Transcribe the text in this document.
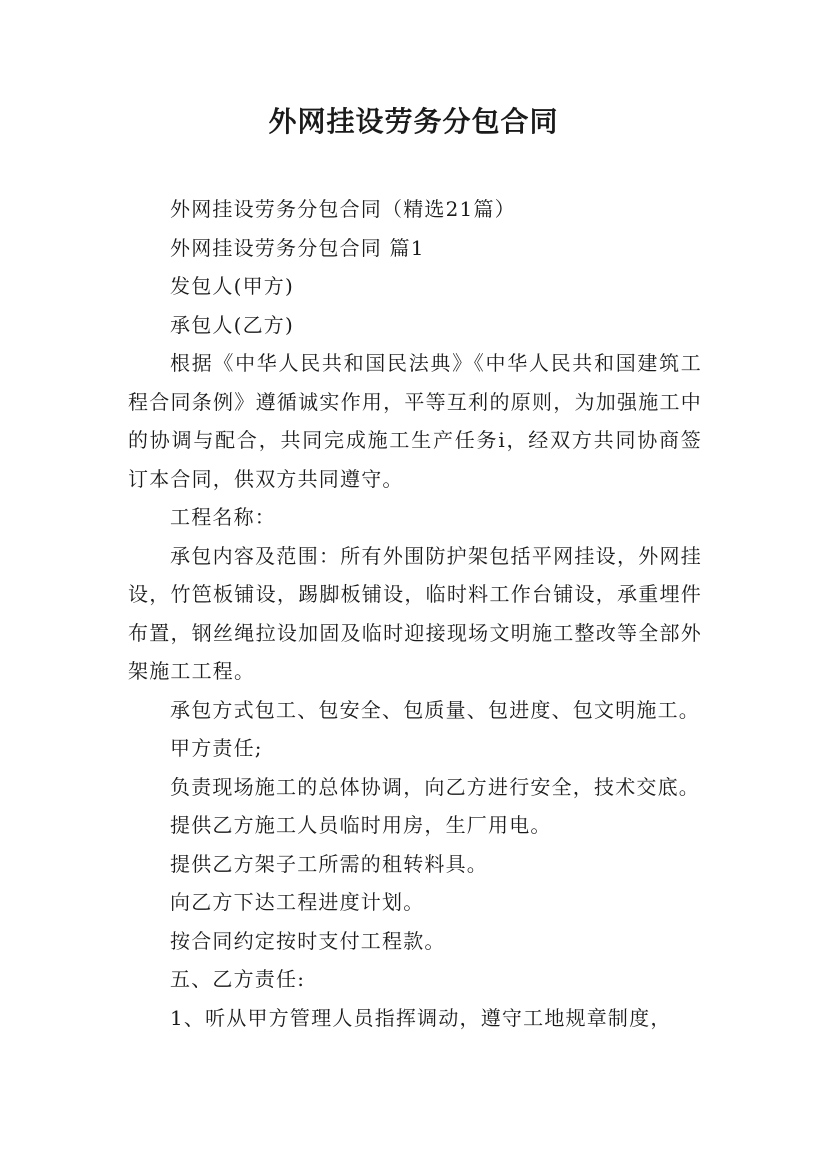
外网挂设劳务分包合同

外网挂设劳务分包合同（精选21篇）

外网挂设劳务分包合同 篇1

发包人(甲方)

承包人(乙方)

根据《中华人民共和国民法典》《中华人民共和国建筑工程合同条例》遵循诚实作用，平等互利的原则，为加强施工中的协调与配合，共同完成施工生产任务i，经双方共同协商签订本合同，供双方共同遵守。

工程名称：

承包内容及范围：所有外围防护架包括平网挂设，外网挂设，竹笆板铺设，踢脚板铺设，临时料工作台铺设，承重埋件布置，钢丝绳拉设加固及临时迎接现场文明施工整改等全部外架施工工程。

承包方式包工、包安全、包质量、包进度、包文明施工。

甲方责任;

负责现场施工的总体协调，向乙方进行安全，技术交底。

提供乙方施工人员临时用房，生厂用电。

提供乙方架子工所需的租转料具。

向乙方下达工程进度计划。

按合同约定按时支付工程款。

五、乙方责任:

1、听从甲方管理人员指挥调动，遵守工地规章制度，
